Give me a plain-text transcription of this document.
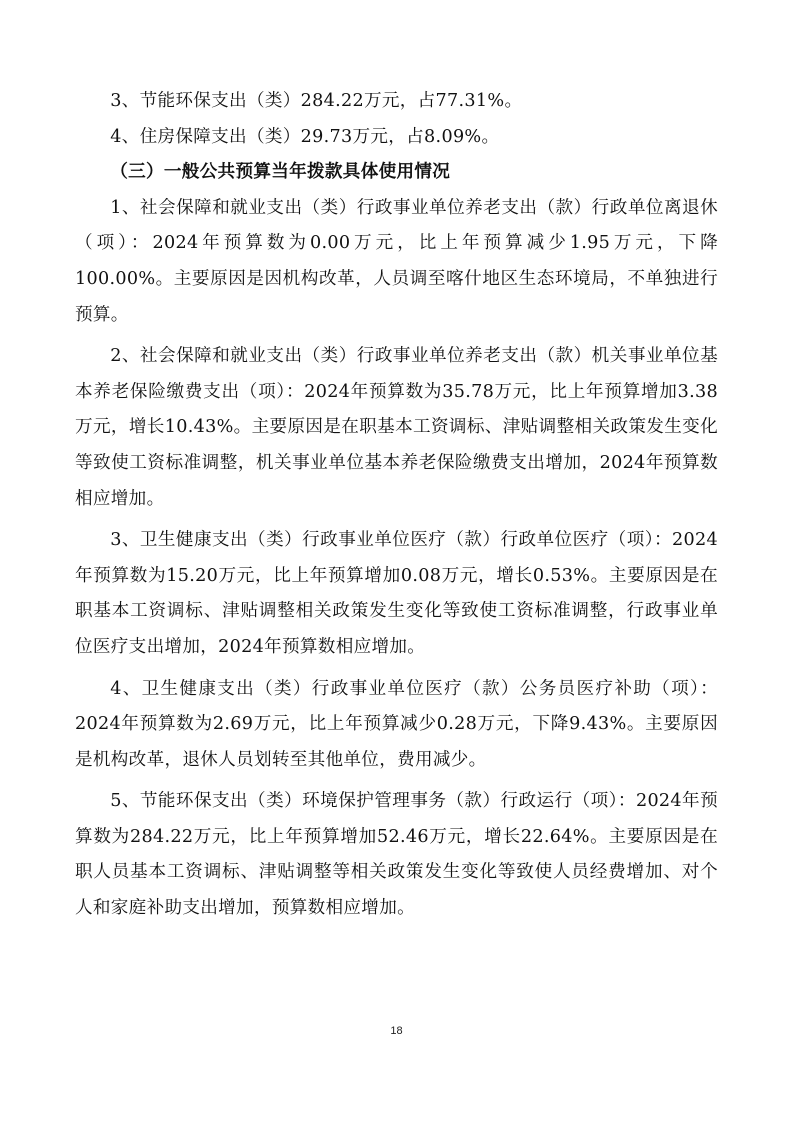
3、节能环保支出（类）284.22万元，占77.31%。

4、住房保障支出（类）29.73万元，占8.09%。

（三）一般公共预算当年拨款具体使用情况

1、社会保障和就业支出（类）行政事业单位养老支出（款）行政单位离退休（项）：2024年预算数为0.00万元，比上年预算减少1.95万元，下降100.00%。主要原因是因机构改革，人员调至喀什地区生态环境局，不单独进行预算。

2、社会保障和就业支出（类）行政事业单位养老支出（款）机关事业单位基本养老保险缴费支出（项）：2024年预算数为35.78万元，比上年预算增加3.38万元，增长10.43%。主要原因是在职基本工资调标、津贴调整相关政策发生变化等致使工资标准调整，机关事业单位基本养老保险缴费支出增加，2024年预算数相应增加。

3、卫生健康支出（类）行政事业单位医疗（款）行政单位医疗（项）：2024年预算数为15.20万元，比上年预算增加0.08万元，增长0.53%。主要原因是在职基本工资调标、津贴调整相关政策发生变化等致使工资标准调整，行政事业单位医疗支出增加，2024年预算数相应增加。

4、卫生健康支出（类）行政事业单位医疗（款）公务员医疗补助（项）：2024年预算数为2.69万元，比上年预算减少0.28万元，下降9.43%。主要原因是机构改革，退休人员划转至其他单位，费用减少。

5、节能环保支出（类）环境保护管理事务（款）行政运行（项）：2024年预算数为284.22万元，比上年预算增加52.46万元，增长22.64%。主要原因是在职人员基本工资调标、津贴调整等相关政策发生变化等致使人员经费增加、对个人和家庭补助支出增加，预算数相应增加。

18
